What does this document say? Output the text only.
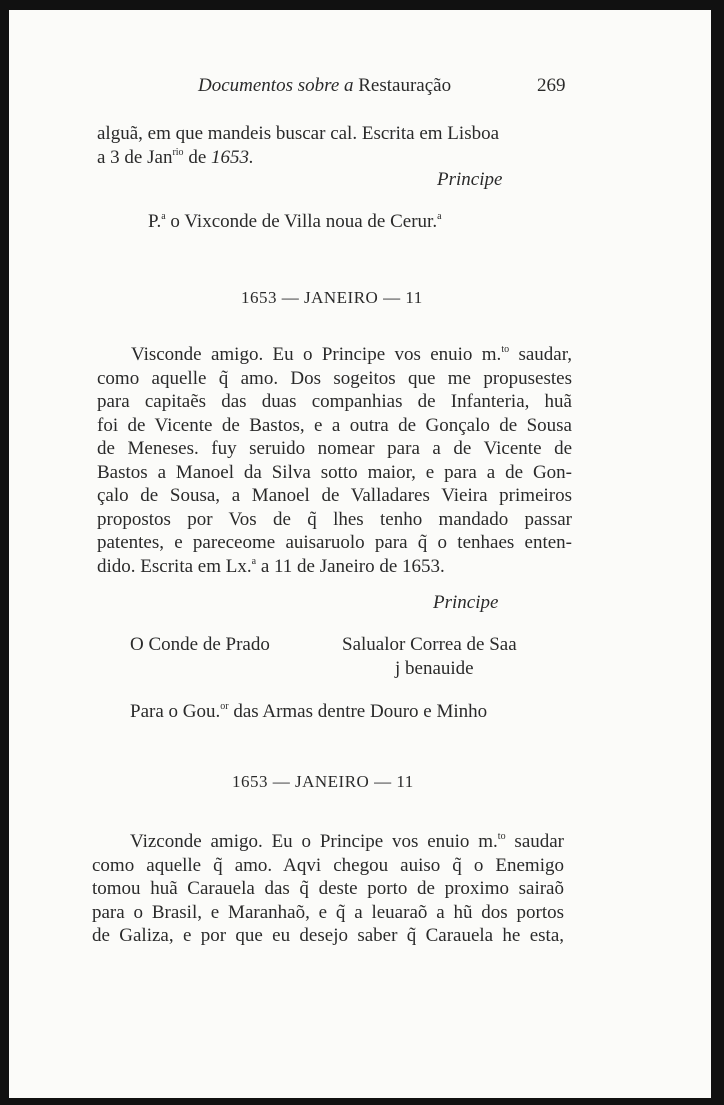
Documentos sobre a Restauração	269
alguã, em que mandeis buscar cal. Escrita em Lisboa
a 3 de Jan$^{rio}$ de 1653.
Principe
P.$^a$ o Vixconde de Villa noua de Cerur.$^a$
1653 — JANEIRO — 11
Visconde amigo. Eu o Principe vos enuio m.$^{to}$ saudar,
como aquelle q̃ amo. Dos sogeitos que me propusestes
para capitaẽs das duas companhias de Infanteria, huã
foi de Vicente de Bastos, e a outra de Gonçalo de Sousa
de Meneses. fuy seruido nomear para a de Vicente de
Bastos a Manoel da Silva sotto maior, e para a de Gon-
çalo de Sousa, a Manoel de Valladares Vieira primeiros
propostos por Vos de q̃ lhes tenho mandado passar
patentes, e pareceome auisaruolo para q̃ o tenhaes enten-
dido. Escrita em Lx.$^a$ a 11 de Janeiro de 1653.
Principe
O Conde de Prado	Salualor Correa de Saa
j benauide
Para o Gou.$^{or}$ das Armas dentre Douro e Minho
1653 — JANEIRO — 11
Vizconde amigo. Eu o Principe vos enuio m.$^{to}$ saudar
como aquelle q̃ amo. Aqvi chegou auiso q̃ o Enemigo
tomou huã Carauela das q̃ deste porto de proximo sairaõ
para o Brasil, e Maranhaõ, e q̃ a leuaraõ a hũ dos portos
de Galiza, e por que eu desejo saber q̃ Carauela he esta,
